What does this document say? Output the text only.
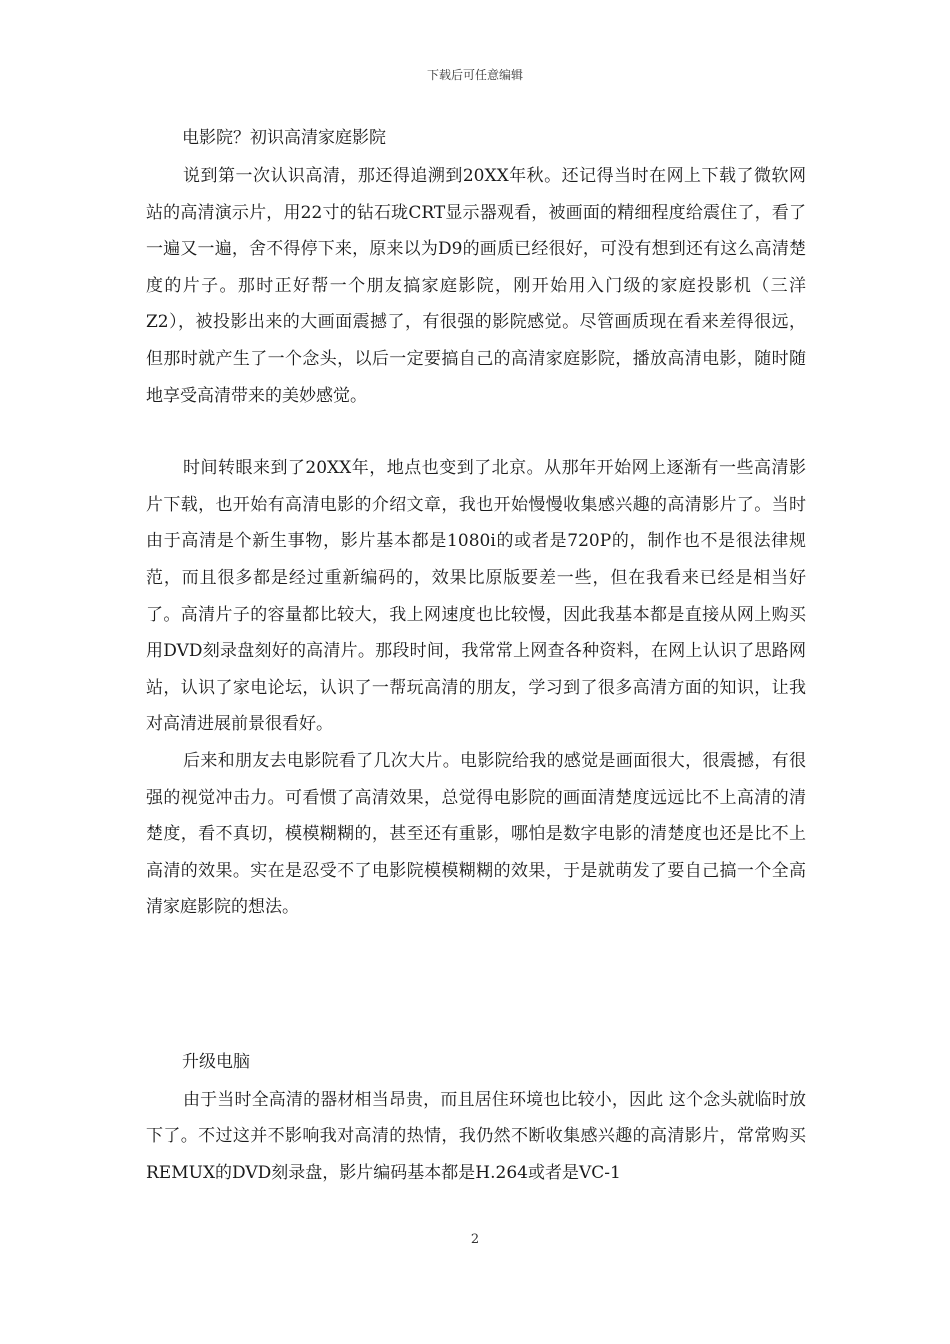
下载后可任意编辑

电影院？初识高清家庭影院

说到第一次认识高清，那还得追溯到20XX年秋。还记得当时在网上下载了微软网站的高清演示片，用22寸的钻石珑CRT显示器观看，被画面的精细程度给震住了，看了一遍又一遍，舍不得停下来，原来以为D9的画质已经很好，可没有想到还有这么高清楚度的片子。那时正好帮一个朋友搞家庭影院，刚开始用入门级的家庭投影机（三洋Z2），被投影出来的大画面震撼了，有很强的影院感觉。尽管画质现在看来差得很远，但那时就产生了一个念头，以后一定要搞自己的高清家庭影院，播放高清电影，随时随地享受高清带来的美妙感觉。

时间转眼来到了20XX年，地点也变到了北京。从那年开始网上逐渐有一些高清影片下载，也开始有高清电影的介绍文章，我也开始慢慢收集感兴趣的高清影片了。当时由于高清是个新生事物，影片基本都是1080i的或者是720P的，制作也不是很法律规范，而且很多都是经过重新编码的，效果比原版要差一些，但在我看来已经是相当好了。高清片子的容量都比较大，我上网速度也比较慢，因此我基本都是直接从网上购买用DVD刻录盘刻好的高清片。那段时间，我常常上网查各种资料，在网上认识了思路网站，认识了家电论坛，认识了一帮玩高清的朋友，学习到了很多高清方面的知识，让我对高清进展前景很看好。

后来和朋友去电影院看了几次大片。电影院给我的感觉是画面很大，很震撼，有很强的视觉冲击力。可看惯了高清效果，总觉得电影院的画面清楚度远远比不上高清的清楚度，看不真切，模模糊糊的，甚至还有重影，哪怕是数字电影的清楚度也还是比不上高清的效果。实在是忍受不了电影院模模糊糊的效果，于是就萌发了要自己搞一个全高清家庭影院的想法。

升级电脑

由于当时全高清的器材相当昂贵，而且居住环境也比较小，因此 这个念头就临时放下了。不过这并不影响我对高清的热情，我仍然不断收集感兴趣的高清影片，常常购买REMUX的DVD刻录盘，影片编码基本都是H.264或者是VC-1

2
